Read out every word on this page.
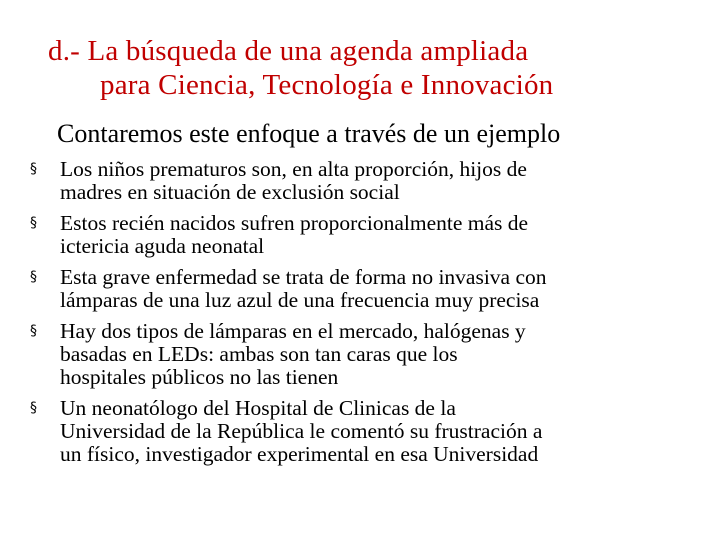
d.- La búsqueda de una agenda ampliada
para Ciencia, Tecnología e Innovación
Contaremos este enfoque a través de un ejemplo
§ Los niños prematuros son, en alta proporción, hijos de
madres en situación de exclusión social
§ Estos recién nacidos sufren proporcionalmente más de
ictericia aguda neonatal
§ Esta grave enfermedad se trata de forma no invasiva con
lámparas de una luz azul de una frecuencia muy precisa
§ Hay dos tipos de lámparas en el mercado, halógenas y
basadas en LEDs: ambas son tan caras que los
hospitales públicos no las tienen
§ Un neonatólogo del Hospital de Clinicas de la
Universidad de la República le comentó su frustración a
un físico, investigador experimental en esa Universidad
